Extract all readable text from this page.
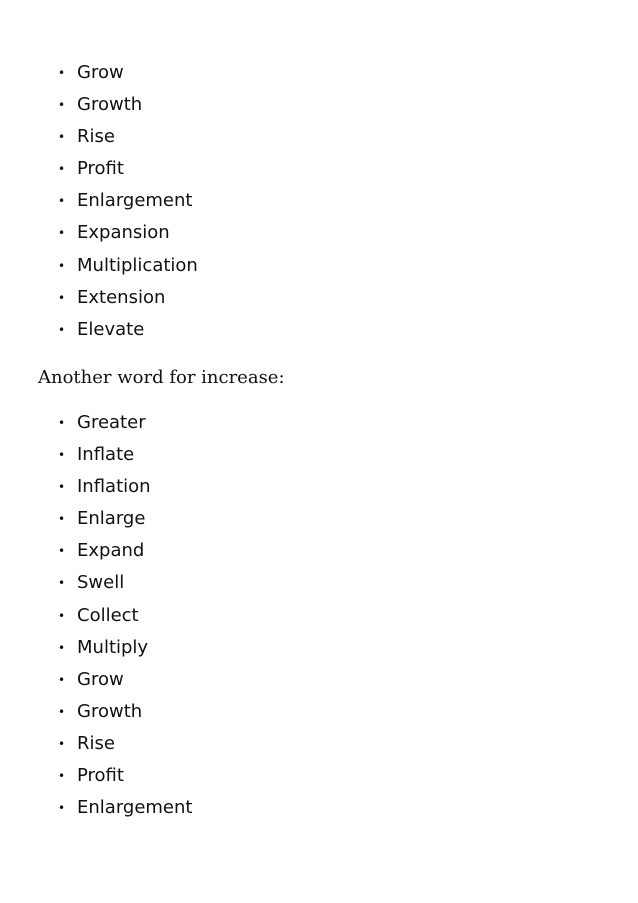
• Grow
• Growth
• Rise
• Profit
• Enlargement
• Expansion
• Multiplication
• Extension
• Elevate
Another word for increase:
• Greater
• Inflate
• Inflation
• Enlarge
• Expand
• Swell
• Collect
• Multiply
• Grow
• Growth
• Rise
• Profit
• Enlargement
